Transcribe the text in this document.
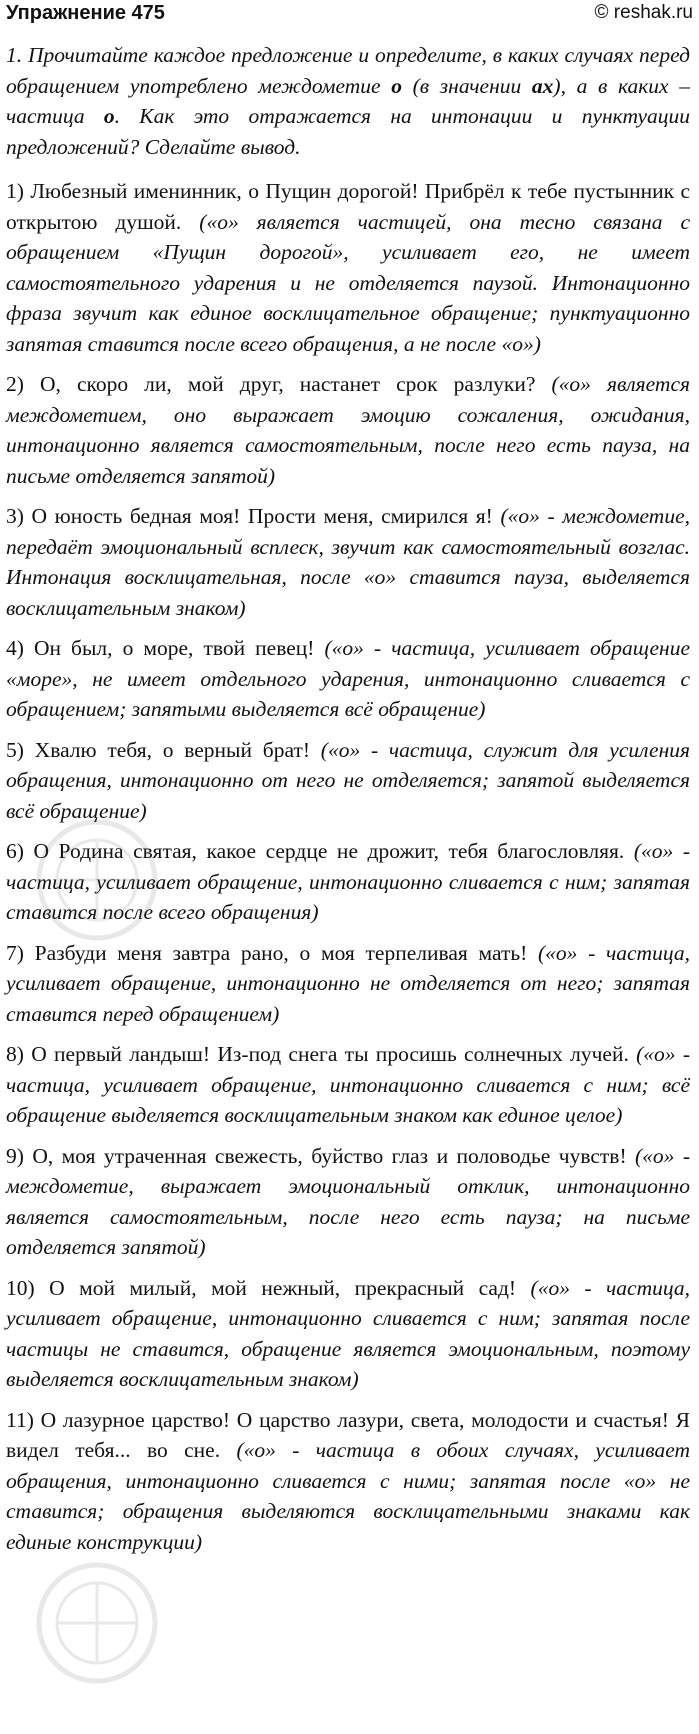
Упражнение 475	© reshak.ru

1. Прочитайте каждое предложение и определите, в каких случаях перед обращением употреблено междометие о (в значении ах), а в каких – частица о. Как это отражается на интонации и пунктуации предложений? Сделайте вывод.

1) Любезный именинник, о Пущин дорогой! Прибрёл к тебе пустынник с открытою душой. («о» является частицей, она тесно связана с обращением «Пущин дорогой», усиливает его, не имеет самостоятельного ударения и не отделяется паузой. Интонационно фраза звучит как единое восклицательное обращение; пунктуационно запятая ставится после всего обращения, а не после «о»)

2) О, скоро ли, мой друг, настанет срок разлуки? («о» является междометием, оно выражает эмоцию сожаления, ожидания, интонационно является самостоятельным, после него есть пауза, на письме отделяется запятой)

3) О юность бедная моя! Прости меня, смирился я! («о» - междометие, передаёт эмоциональный всплеск, звучит как самостоятельный возглас. Интонация восклицательная, после «о» ставится пауза, выделяется восклицательным знаком)

4) Он был, о море, твой певец! («о» - частица, усиливает обращение «море», не имеет отдельного ударения, интонационно сливается с обращением; запятыми выделяется всё обращение)

5) Хвалю тебя, о верный брат! («о» - частица, служит для усиления обращения, интонационно от него не отделяется; запятой выделяется всё обращение)

6) О Родина святая, какое сердце не дрожит, тебя благословляя. («о» - частица, усиливает обращение, интонационно сливается с ним; запятая ставится после всего обращения)

7) Разбуди меня завтра рано, о моя терпеливая мать! («о» - частица, усиливает обращение, интонационно не отделяется от него; запятая ставится перед обращением)

8) О первый ландыш! Из-под снега ты просишь солнечных лучей. («о» - частица, усиливает обращение, интонационно сливается с ним; всё обращение выделяется восклицательным знаком как единое целое)

9) О, моя утраченная свежесть, буйство глаз и половодье чувств! («о» - междометие, выражает эмоциональный отклик, интонационно является самостоятельным, после него есть пауза; на письме отделяется запятой)

10) О мой милый, мой нежный, прекрасный сад! («о» - частица, усиливает обращение, интонационно сливается с ним; запятая после частицы не ставится, обращение является эмоциональным, поэтому выделяется восклицательным знаком)

11) О лазурное царство! О царство лазури, света, молодости и счастья! Я видел тебя... во сне. («о» - частица в обоих случаях, усиливает обращения, интонационно сливается с ними; запятая после «о» не ставится; обращения выделяются восклицательными знаками как единые конструкции)
